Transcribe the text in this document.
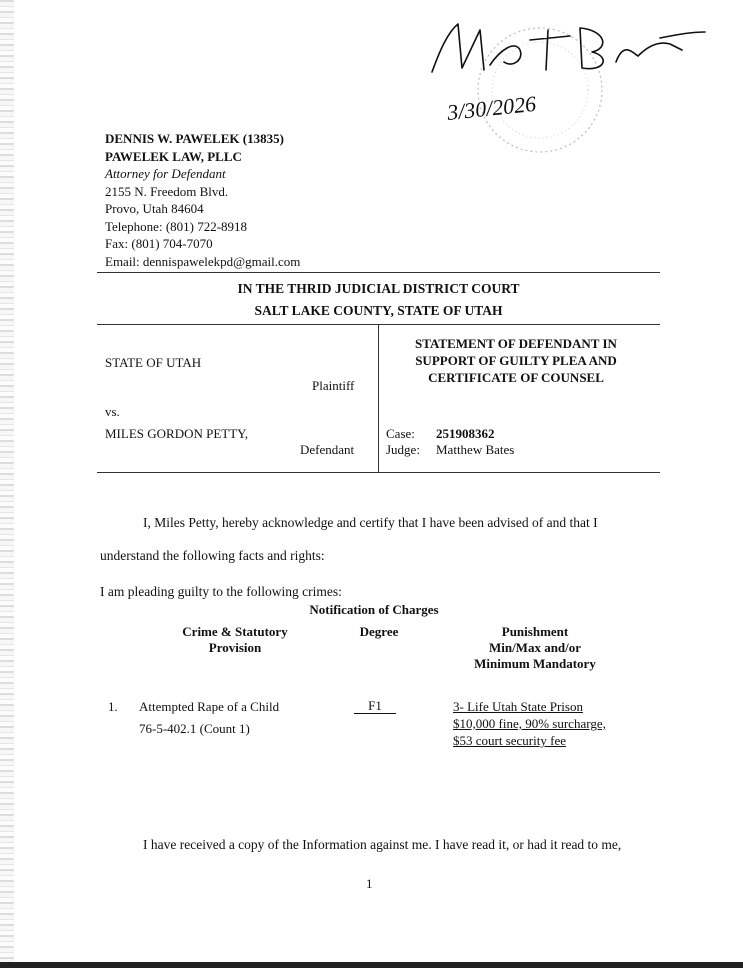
3/30/2026
DENNIS W. PAWELEK (13835)
PAWELEK LAW, PLLC
Attorney for Defendant
2155 N. Freedom Blvd.
Provo, Utah 84604
Telephone: (801) 722-8918
Fax: (801) 704-7070
Email: dennispawelekpd@gmail.com
IN THE THRID JUDICIAL DISTRICT COURT
SALT LAKE COUNTY, STATE OF UTAH
STATE OF UTAH
Plaintiff
vs.
MILES GORDON PETTY,
Defendant
STATEMENT OF DEFENDANT IN
SUPPORT OF GUILTY PLEA AND
CERTIFICATE OF COUNSEL
Case: 251908362
Judge: Matthew Bates
I, Miles Petty, hereby acknowledge and certify that I have been advised of and that I
understand the following facts and rights:
I am pleading guilty to the following crimes:
Notification of Charges
Crime & Statutory
Provision
Degree	Punishment
Min/Max and/or
Minimum Mandatory
1. Attempted Rape of a Child
76-5-402.1 (Count 1)
F1	3- Life Utah State Prison
$10,000 fine, 90% surcharge,
$53 court security fee
I have received a copy of the Information against me. I have read it, or had it read to me,
1
